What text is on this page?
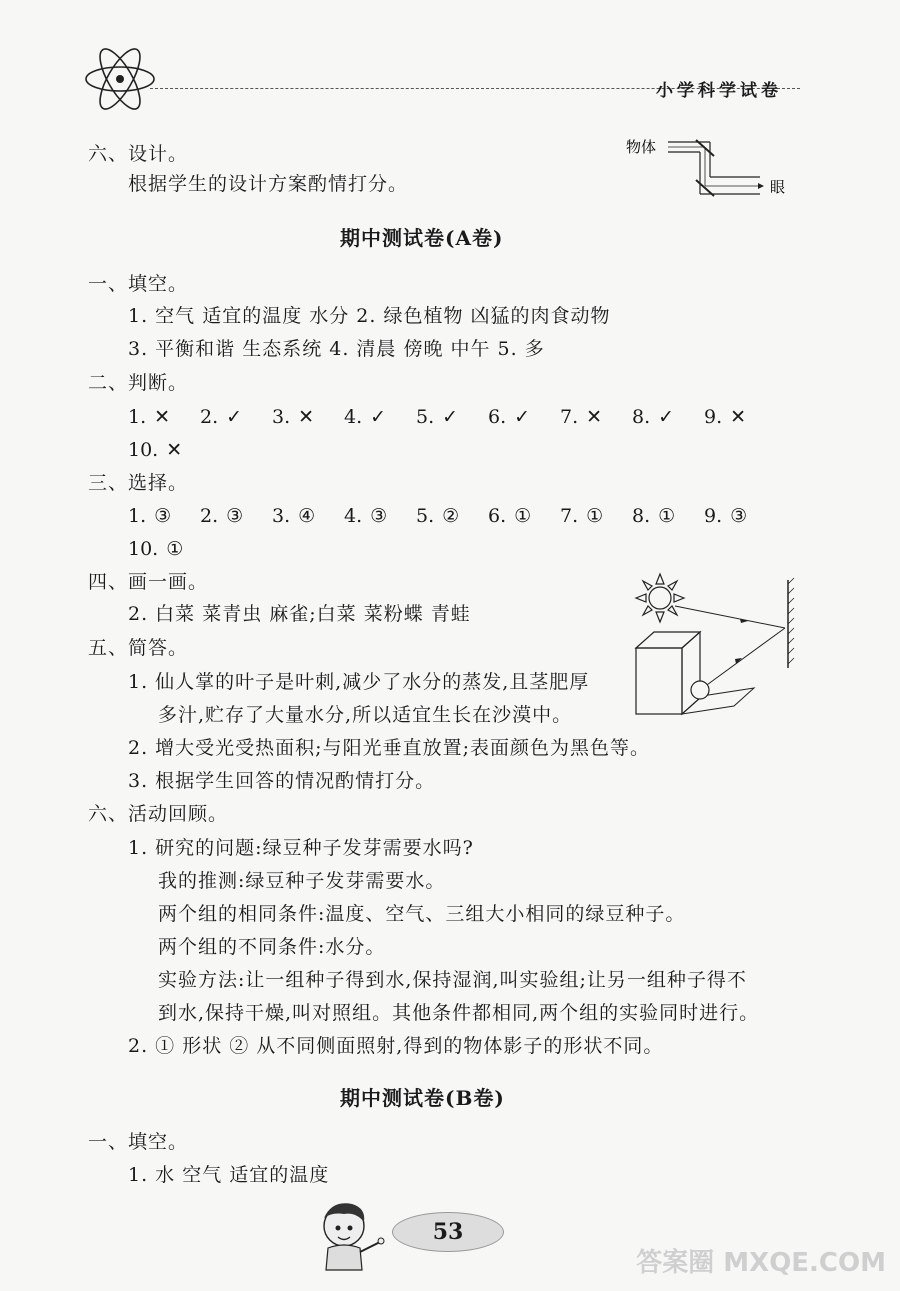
小学科学试卷
六、设计。
根据学生的设计方案酌情打分。
物体
眼
期中测试卷(A卷)
一、填空。
1. 空气 适宜的温度 水分 2. 绿色植物 凶猛的肉食动物
3. 平衡和谐 生态系统 4. 清晨 傍晚 中午 5. 多
二、判断。
1. ✕	2. ✓	3. ✕	4. ✓	5. ✓	6. ✓	7. ✕	8. ✓	9. ✕
10. ✕
三、选择。
1. ③	2. ③	3. ④	4. ③	5. ②	6. ①	7. ①	8. ①	9. ③
10. ①
四、画一画。
2. 白菜 菜青虫 麻雀;白菜 菜粉蝶 青蛙
五、简答。
1. 仙人掌的叶子是叶刺,减少了水分的蒸发,且茎肥厚
多汁,贮存了大量水分,所以适宜生长在沙漠中。
2. 增大受光受热面积;与阳光垂直放置;表面颜色为黑色等。
3. 根据学生回答的情况酌情打分。
六、活动回顾。
1. 研究的问题:绿豆种子发芽需要水吗?
我的推测:绿豆种子发芽需要水。
两个组的相同条件:温度、空气、三组大小相同的绿豆种子。
两个组的不同条件:水分。
实验方法:让一组种子得到水,保持湿润,叫实验组;让另一组种子得不
到水,保持干燥,叫对照组。其他条件都相同,两个组的实验同时进行。
2. ① 形状 ② 从不同侧面照射,得到的物体影子的形状不同。
期中测试卷(B卷)
一、填空。
1. 水 空气 适宜的温度
53
答案圈 MXQE.COM
